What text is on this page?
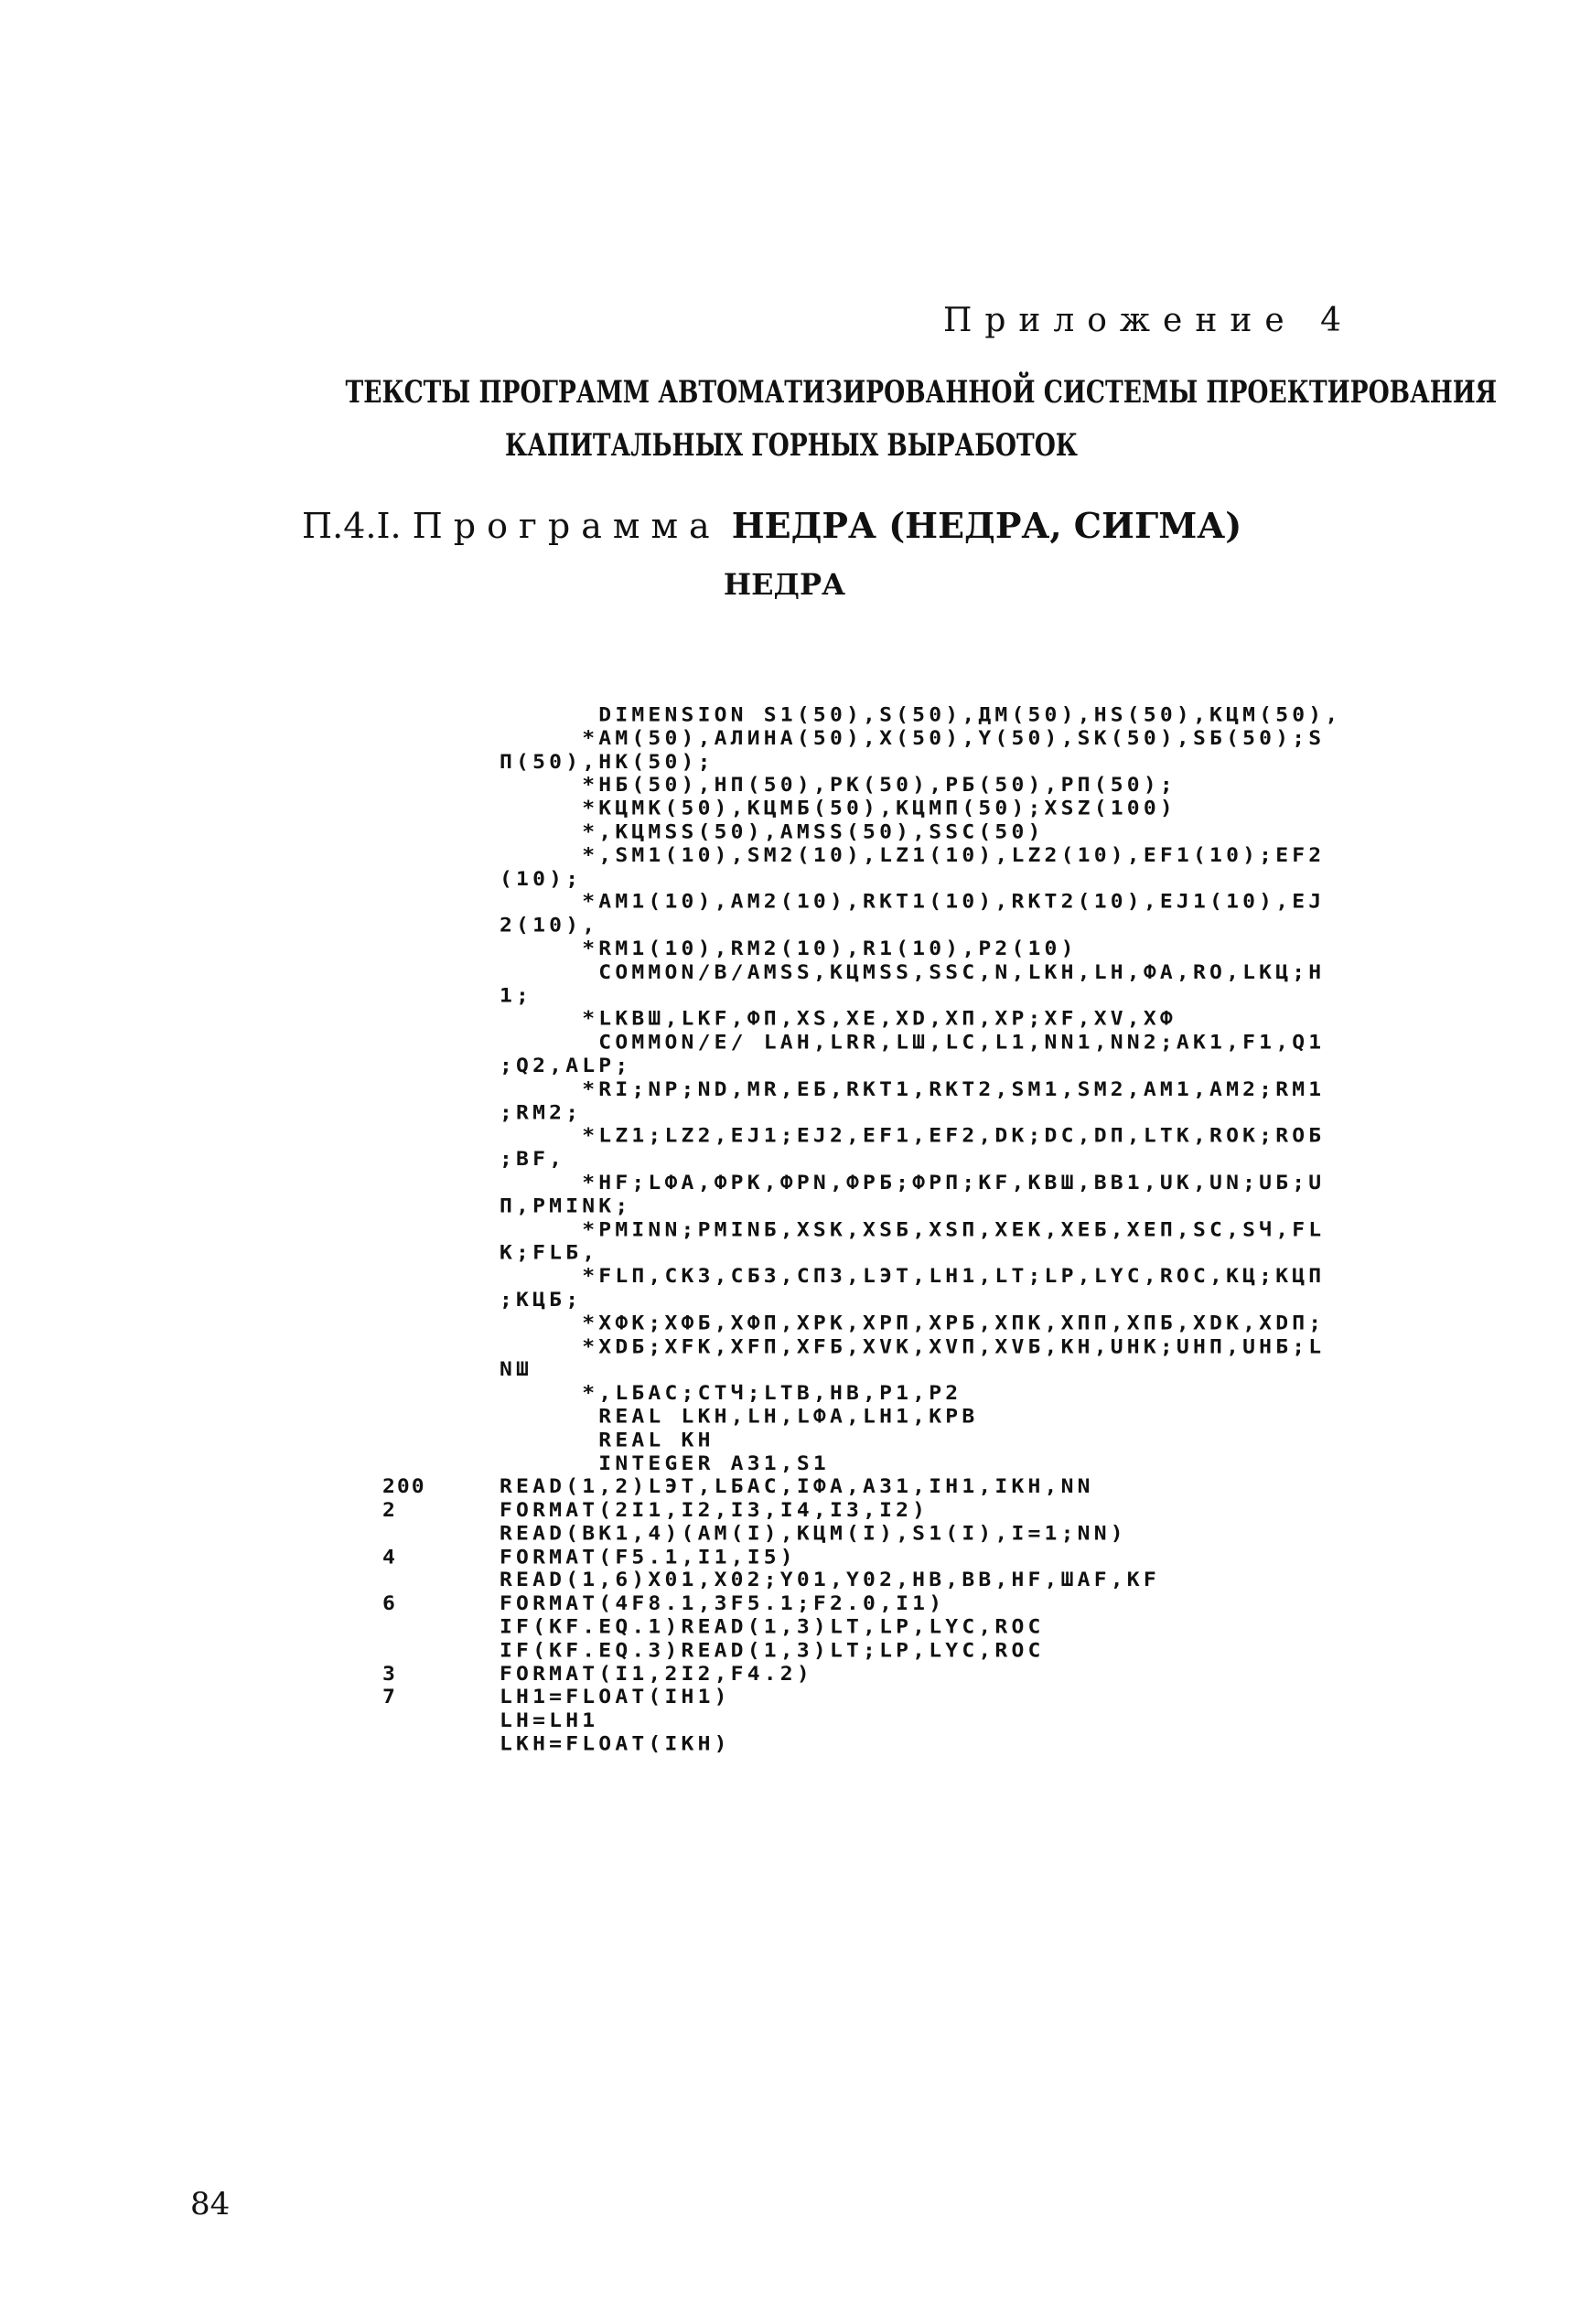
Приложение 4
ТЕКСТЫ ПРОГРАММ АВТОМАТИЗИРОВАННОЙ СИСТЕМЫ ПРОЕКТИРОВАНИЯ
КАПИТАЛЬНЫХ ГОРНЫХ ВЫРАБОТОК
П.4.I. Программа НЕДРА (НЕДРА, СИГМА)
НЕДРА
DIMENSION S1(50),S(50),ДМ(50),HS(50),КЦМ(50),
*AM(50),AЛИНА(50),X(50),Y(50),SK(50),SБ(50);S
П(50),HK(50);
*HБ(50),HП(50),PK(50),PБ(50),PП(50);
*KЦMK(50),KЦMБ(50),KЦMП(50);XSZ(100)
*,KЦMSS(50),AMSS(50),SSC(50)
*,SM1(10),SM2(10),LZ1(10),LZ2(10),EF1(10);EF2
(10);
*AM1(10),AM2(10),RKT1(10),RKT2(10),EJ1(10),EJ
2(10),
*RM1(10),RM2(10),R1(10),P2(10)
COMMON/B/AMSS,KЦMSS,SSC,N,LKH,LH,ФA,RO,LKЦ;H
1;
*LKBШ,LKF,ФП,XS,XE,XD,XП,XP;XF,XV,XФ
COMMON/E/ LAH,LRR,LШ,LC,L1,NN1,NN2;AK1,F1,Q1
;Q2,ALP;
*RI;NP;ND,MR,EБ,RKT1,RKT2,SM1,SM2,AM1,AM2;RM1
;RM2;
*LZ1;LZ2,EJ1;EJ2,EF1,EF2,DK;DC,DП,LTK,ROK;ROБ
;BF,
*HF;LФA,ФPK,ФPN,ФPБ;ФPП;KF,KBШ,BB1,UK,UN;UБ;U
П,PMINK;
*PMINN;PMINБ,XSK,XSБ,XSП,XEK,XEБ,XEП,SC,SЧ,FL
K;FLБ,
*FLП,CK3,CБ3,CП3,LЭT,LH1,LT;LP,LYC,ROC,KЦ;KЦП
;KЦБ;
*XФK;XФБ,XФП,XPK,XPП,XPБ,XПK,XПП,XПБ,XDK,XDП;
*XDБ;XFK,XFП,XFБ,XVK,XVП,XVБ,KH,UHK;UHП,UHБ;L
NШ
*,LБAC;CTЧ;LTB,HB,P1,P2
REAL LKH,LH,LФA,LH1,KPB
REAL KH
INTEGER A31,S1
200	READ(1,2)LЭT,LБAC,IФA,A31,IH1,IKH,NN
2	FORMAT(2I1,I2,I3,I4,I3,I2)
READ(BK1,4)(AM(I),KЦM(I),S1(I),I=1;NN)
4	FORMAT(F5.1,I1,I5)
READ(1,6)X01,X02;Y01,Y02,HB,BB,HF,ШAF,KF
6	FORMAT(4F8.1,3F5.1;F2.0,I1)
IF(KF.EQ.1)READ(1,3)LT,LP,LYC,ROC
IF(KF.EQ.3)READ(1,3)LT;LP,LYC,ROC
3	FORMAT(I1,2I2,F4.2)
7	LH1=FLOAT(IH1)
LH=LH1
LKH=FLOAT(IKH)
84
